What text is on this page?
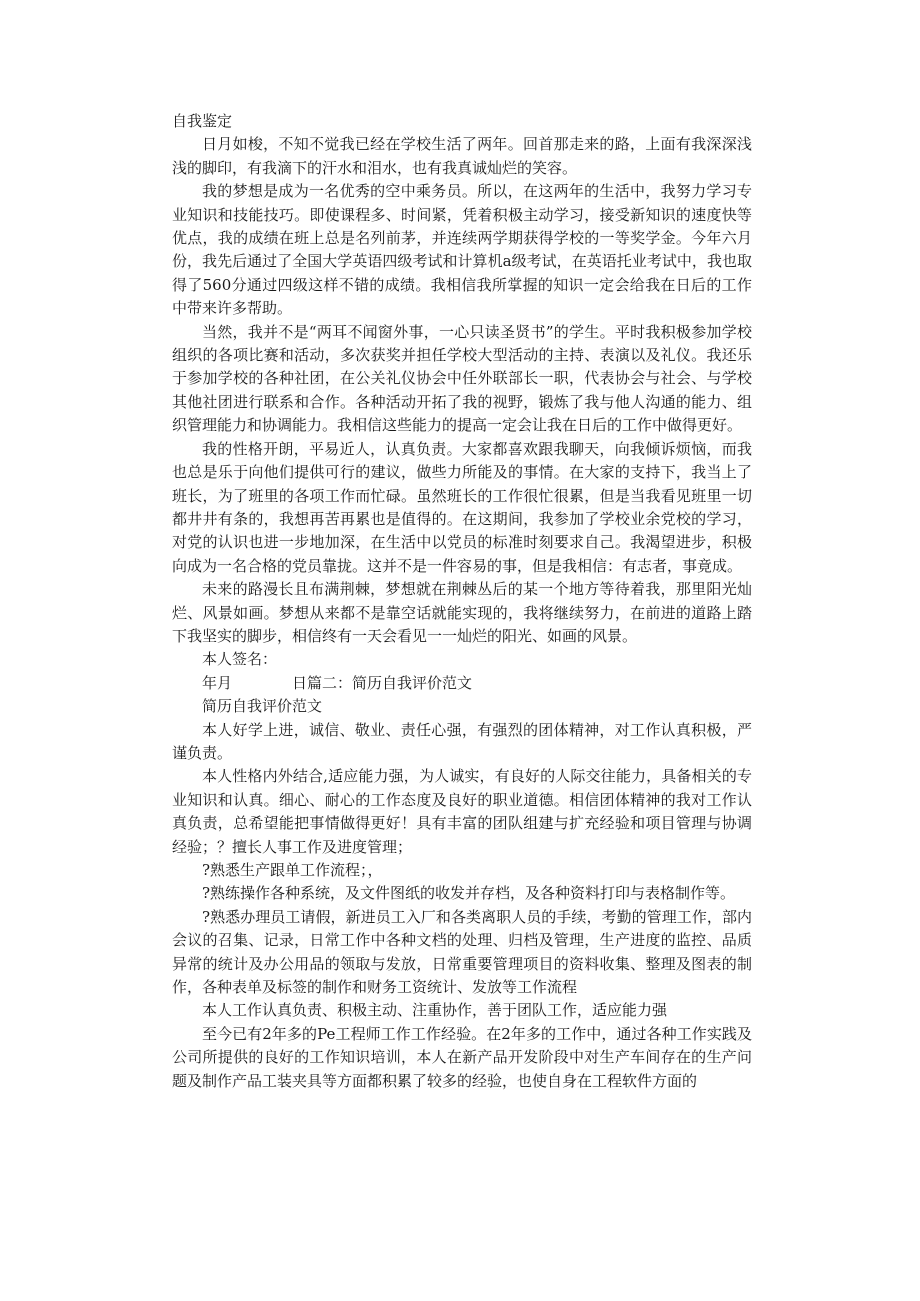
自我鉴定

日月如梭，不知不觉我已经在学校生活了两年。回首那走来的路，上面有我深深浅浅的脚印，有我滴下的汗水和泪水，也有我真诚灿烂的笑容。

我的梦想是成为一名优秀的空中乘务员。所以，在这两年的生活中，我努力学习专业知识和技能技巧。即使课程多、时间紧，凭着积极主动学习，接受新知识的速度快等优点，我的成绩在班上总是名列前茅，并连续两学期获得学校的一等奖学金。今年六月份，我先后通过了全国大学英语四级考试和计算机a级考试，在英语托业考试中，我也取得了560分通过四级这样不错的成绩。我相信我所掌握的知识一定会给我在日后的工作中带来许多帮助。

当然，我并不是“两耳不闻窗外事，一心只读圣贤书”的学生。平时我积极参加学校组织的各项比赛和活动，多次获奖并担任学校大型活动的主持、表演以及礼仪。我还乐于参加学校的各种社团，在公关礼仪协会中任外联部长一职，代表协会与社会、与学校其他社团进行联系和合作。各种活动开拓了我的视野，锻炼了我与他人沟通的能力、组织管理能力和协调能力。我相信这些能力的提高一定会让我在日后的工作中做得更好。

我的性格开朗，平易近人，认真负责。大家都喜欢跟我聊天，向我倾诉烦恼，而我也总是乐于向他们提供可行的建议，做些力所能及的事情。在大家的支持下，我当上了班长，为了班里的各项工作而忙碌。虽然班长的工作很忙很累，但是当我看见班里一切都井井有条的，我想再苦再累也是值得的。在这期间，我参加了学校业余党校的学习，对党的认识也进一步地加深，在生活中以党员的标准时刻要求自己。我渴望进步，积极向成为一名合格的党员靠拢。这并不是一件容易的事，但是我相信：有志者，事竟成。

未来的路漫长且布满荆棘，梦想就在荆棘丛后的某一个地方等待着我，那里阳光灿烂、风景如画。梦想从来都不是靠空话就能实现的，我将继续努力，在前进的道路上踏下我坚实的脚步，相信终有一天会看见一一灿烂的阳光、如画的风景。

本人签名：

年月	日篇二：简历自我评价范文

简历自我评价范文

本人好学上进，诚信、敬业、责任心强，有强烈的团体精神，对工作认真积极，严谨负责。

本人性格内外结合,适应能力强，为人诚实，有良好的人际交往能力，具备相关的专业知识和认真。细心、耐心的工作态度及良好的职业道德。相信团体精神的我对工作认真负责，总希望能把事情做得更好！具有丰富的团队组建与扩充经验和项目管理与协调经验；？擅长人事工作及进度管理；

?熟悉生产跟单工作流程；，

?熟练操作各种系统，及文件图纸的收发并存档，及各种资料打印与表格制作等。

?熟悉办理员工请假，新进员工入厂和各类离职人员的手续，考勤的管理工作，部内会议的召集、记录，日常工作中各种文档的处理、归档及管理，生产进度的监控、品质异常的统计及办公用品的领取与发放，日常重要管理项目的资料收集、整理及图表的制作，各种表单及标签的制作和财务工资统计、发放等工作流程

本人工作认真负责、积极主动、注重协作，善于团队工作，适应能力强

至今已有2年多的Pe工程师工作工作经验。在2年多的工作中，通过各种工作实践及公司所提供的良好的工作知识培训，本人在新产品开发阶段中对生产车间存在的生产问题及制作产品工装夹具等方面都积累了较多的经验，也使自身在工程软件方面的
